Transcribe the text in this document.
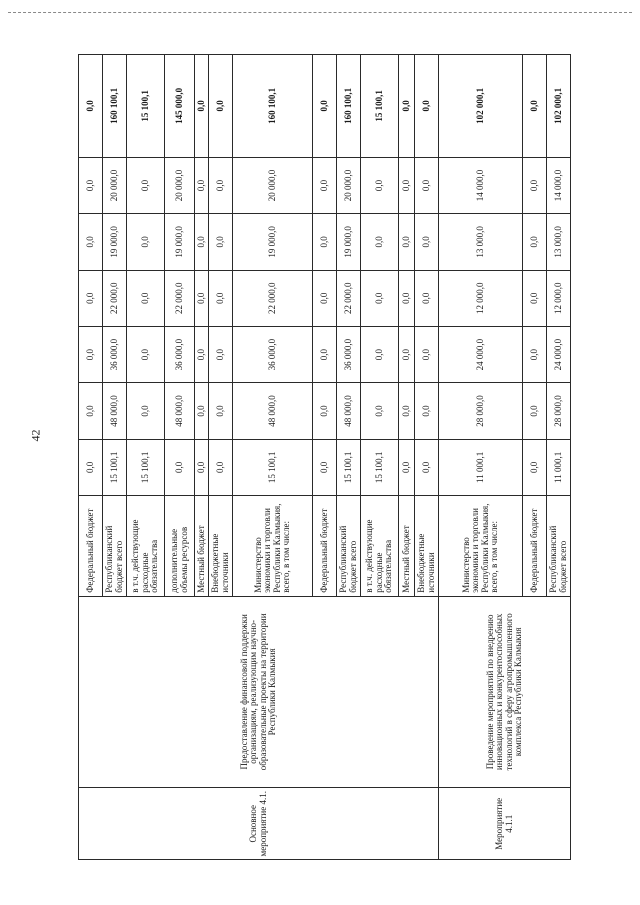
42
	Основное мероприятие 4.1.	Предоставление финансовой поддержки организациям, реализующим научно-образовательные проекты на территории Республики Калмыкия	Федеральный бюджет	0,0	0,0	0,0	0,0	0,0	0,0	0,0
		Республиканский бюджет всего	15 100,1	48 000,0	36 000,0	22 000,0	19 000,0	20 000,0	160 100,1
		в т.ч. действующие расходные обязательства	15 100,1	0,0	0,0	0,0	0,0	0,0	15 100,1
		дополнительные объемы ресурсов	0,0	48 000,0	36 000,0	22 000,0	19 000,0	20 000,0	145 000,0
		Местный бюджет	0,0	0,0	0,0	0,0	0,0	0,0	0,0
		Внебюджетные источники	0,0	0,0	0,0	0,0	0,0	0,0	0,0
		Министерство экономики и торговли Республики Калмыкия, всего, в том числе:	15 100,1	48 000,0	36 000,0	22 000,0	19 000,0	20 000,0	160 100,1
		Федеральный бюджет	0,0	0,0	0,0	0,0	0,0	0,0	0,0
		Республиканский бюджет всего	15 100,1	48 000,0	36 000,0	22 000,0	19 000,0	20 000,0	160 100,1
		в т.ч. действующие расходные обязательства	15 100,1	0,0	0,0	0,0	0,0	0,0	15 100,1
		Местный бюджет	0,0	0,0	0,0	0,0	0,0	0,0	0,0
		Внебюджетные источники	0,0	0,0	0,0	0,0	0,0	0,0	0,0
	Мероприятие 4.1.1	Проведение мероприятий по внедрению инновационных и конкурентоспособных технологий в сферу агропромышленного комплекса Республики Калмыкия	Министерство экономики и торговли Республики Калмыкия, всего, в том числе:	11 000,1	28 000,0	24 000,0	12 000,0	13 000,0	14 000,0	102 000,1
		Федеральный бюджет	0,0	0,0	0,0	0,0	0,0	0,0	0,0
		Республиканский бюджет всего	11 000,1	28 000,0	24 000,0	12 000,0	13 000,0	14 000,0	102 000,1
